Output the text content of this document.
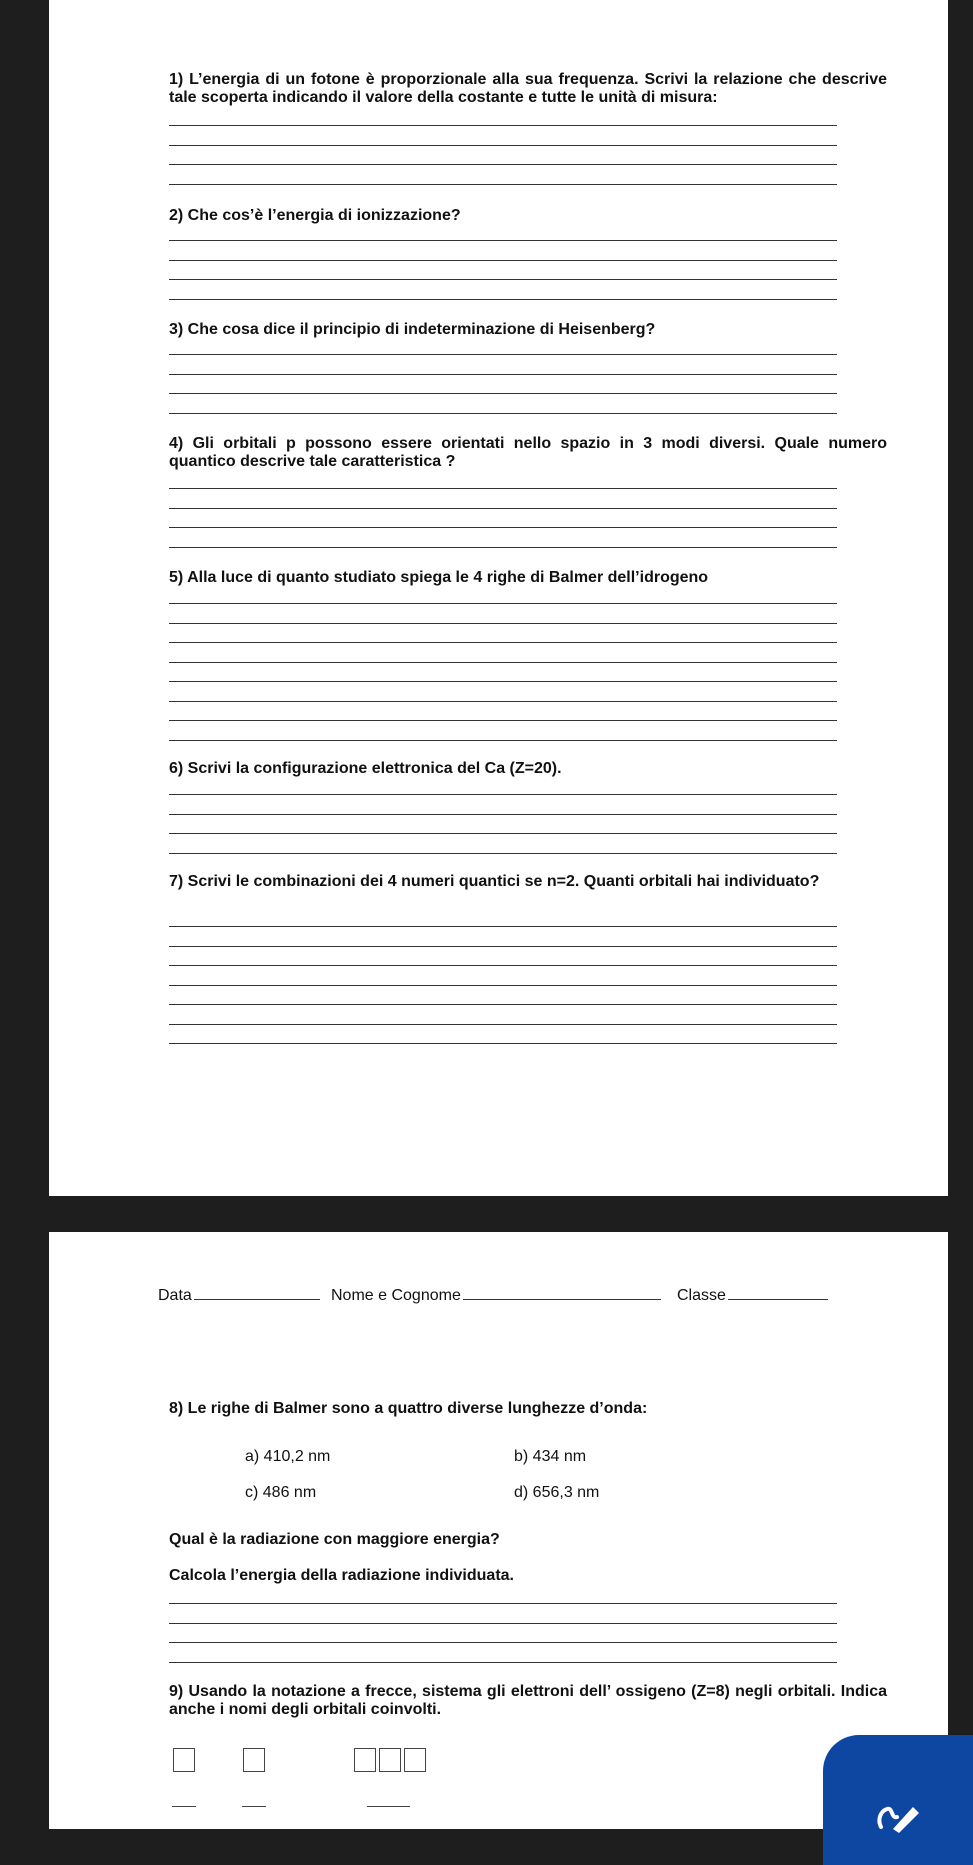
1) L’energia di un fotone è proporzionale alla sua frequenza. Scrivi la relazione che descrive tale scoperta indicando il valore della costante e tutte le unità di misura:

2) Che cos’è l’energia di ionizzazione?

3) Che cosa dice il principio di indeterminazione di Heisenberg?

4) Gli orbitali p possono essere orientati nello spazio in 3 modi diversi. Quale numero quantico descrive tale caratteristica ?

5) Alla luce di quanto studiato spiega le 4 righe di Balmer dell’idrogeno

6) Scrivi la configurazione elettronica del Ca (Z=20).

7) Scrivi le combinazioni dei 4 numeri quantici se n=2. Quanti orbitali hai individuato?

Data	Nome e Cognome	Classe

8) Le righe di Balmer sono a quattro diverse lunghezze d’onda:

a) 410,2 nm	b) 434 nm
c) 486 nm	d) 656,3 nm

Qual è la radiazione con maggiore energia?

Calcola l’energia della radiazione individuata.

9) Usando la notazione a frecce, sistema gli elettroni dell’ ossigeno (Z=8) negli orbitali. Indica anche i nomi degli orbitali coinvolti.
